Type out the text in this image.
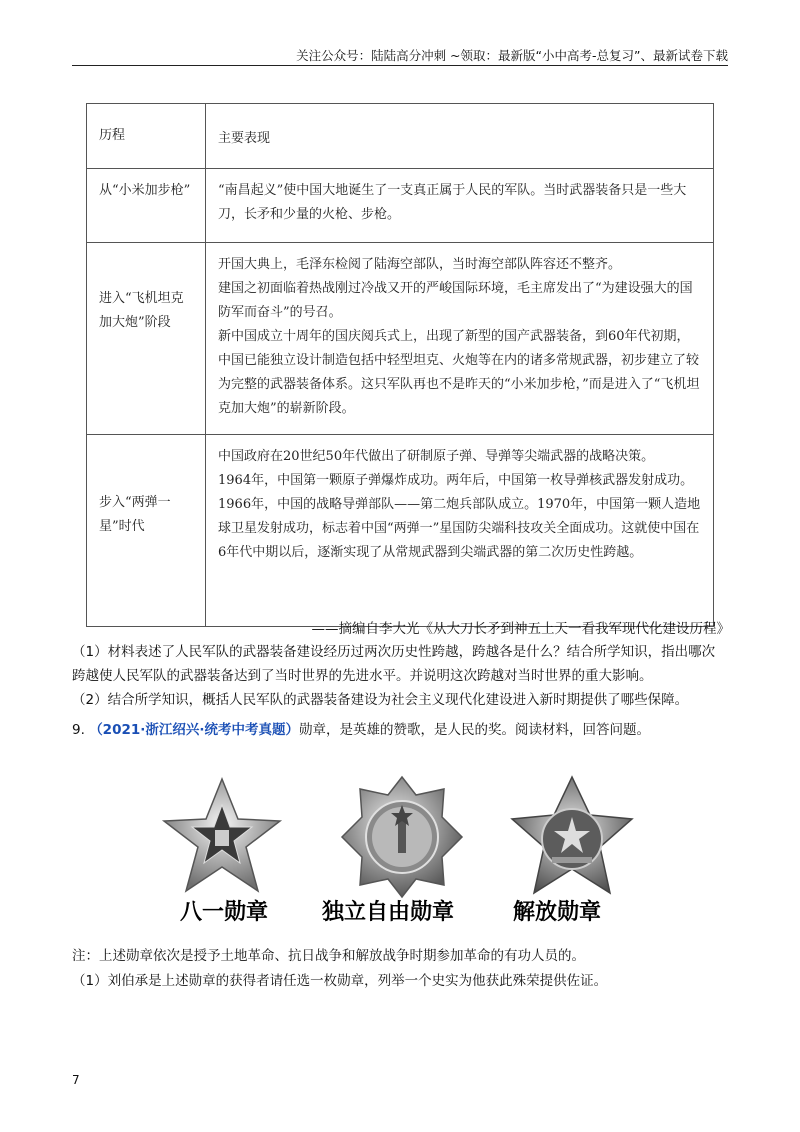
关注公众号：陆陆高分冲刺 ~领取：最新版“小中高考-总复习”、最新试卷下载
历程	主要表现
从“小米加步枪”	“南昌起义”使中国大地诞生了一支真正属于人民的军队。当时武器装备只是一些大刀，长矛和少量的火枪、步枪。

进入“飞机坦克加大炮”阶段	开国大典上，毛泽东检阅了陆海空部队，当时海空部队阵容还不整齐。

建国之初面临着热战刚过冷战又开的严峻国际环境，毛主席发出了“为建设强大的国防军而奋斗”的号召。

新中国成立十周年的国庆阅兵式上，出现了新型的国产武器装备，到60年代初期，中国已能独立设计制造包括中轻型坦克、火炮等在内的诸多常规武器，初步建立了较为完整的武器装备体系。这只军队再也不是昨天的“小米加步枪，”而是进入了“飞机坦克加大炮”的崭新阶段。

步入“两弹一星”时代	中国政府在20世纪50年代做出了研制原子弹、导弹等尖端武器的战略决策。

1964年，中国第一颗原子弹爆炸成功。两年后，中国第一枚导弹核武器发射成功。1966年，中国的战略导弹部队——第二炮兵部队成立。1970年，中国第一颗人造地球卫星发射成功，标志着中国“两弹一”星国防尖端科技攻关全面成功。这就使中国在6年代中期以后，逐渐实现了从常规武器到尖端武器的第二次历史性跨越。

——摘编自李大光《从大刀长矛到神五上天一看我军现代化建设历程》

（1）材料表述了人民军队的武器装备建设经历过两次历史性跨越，跨越各是什么？结合所学知识，指出哪次跨越使人民军队的武器装备达到了当时世界的先进水平。并说明这次跨越对当时世界的重大影响。

（2）结合所学知识，概括人民军队的武器装备建设为社会主义现代化建设进入新时期提供了哪些保障。

9. （2021·浙江绍兴·统考中考真题）勋章，是英雄的赞歌，是人民的奖。阅读材料，回答问题。
八一勋章 独立自由勋章	解放勋章

注：上述勋章依次是授予土地革命、抗日战争和解放战争时期参加革命的有功人员的。

（1）刘伯承是上述勋章的获得者请任选一枚勋章，列举一个史实为他获此殊荣提供佐证。

7
